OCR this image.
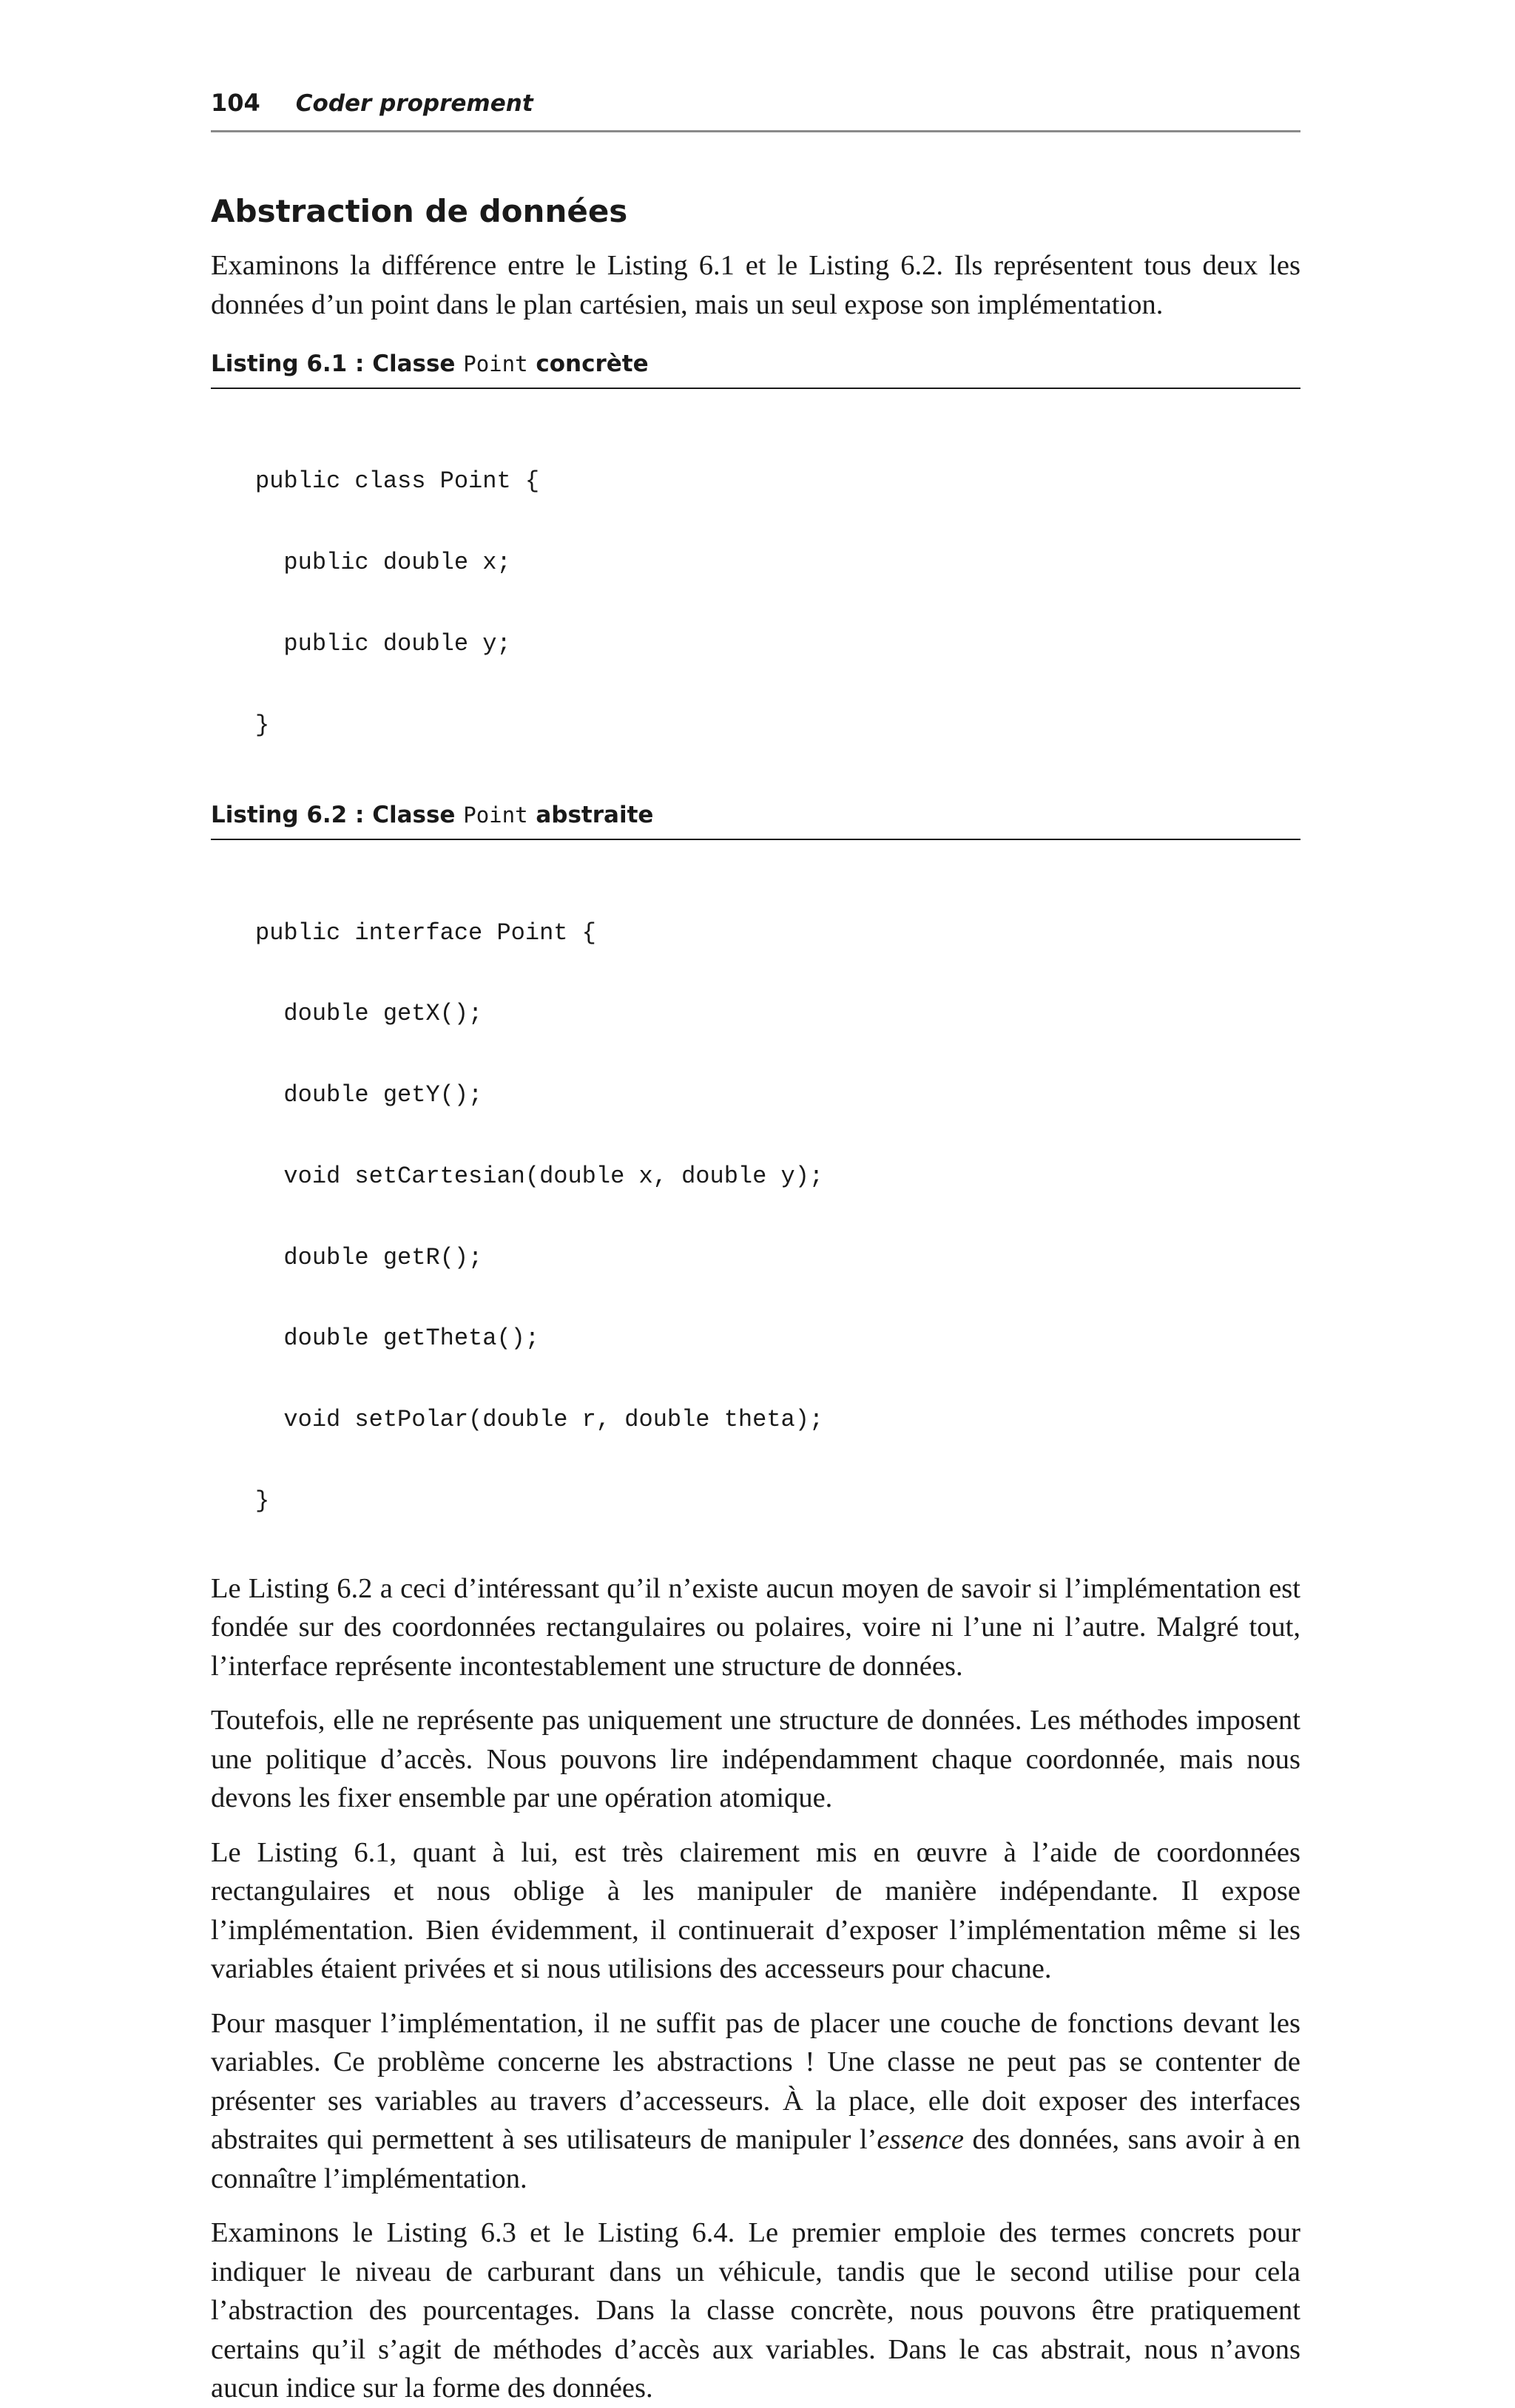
104 Coder proprement
Abstraction de données

Examinons la différence entre le Listing 6.1 et le Listing 6.2. Ils représentent tous deux les données d’un point dans le plan cartésien, mais un seul expose son implémentation.

Listing 6.1 : Classe Point concrète

public class Point {

public double x;

public double y;

}

Listing 6.2 : Classe Point abstraite

public interface Point {

double getX();

double getY();

void setCartesian(double x, double y);

double getR();

double getTheta();

void setPolar(double r, double theta);

}

Le Listing 6.2 a ceci d’intéressant qu’il n’existe aucun moyen de savoir si l’implémentation est fondée sur des coordonnées rectangulaires ou polaires, voire ni l’une ni l’autre. Malgré tout, l’interface représente incontestablement une structure de données.

Toutefois, elle ne représente pas uniquement une structure de données. Les méthodes imposent une politique d’accès. Nous pouvons lire indépendamment chaque coordonnée, mais nous devons les fixer ensemble par une opération atomique.

Le Listing 6.1, quant à lui, est très clairement mis en œuvre à l’aide de coordonnées rectangulaires et nous oblige à les manipuler de manière indépendante. Il expose l’implémentation. Bien évidemment, il continuerait d’exposer l’implémentation même si les variables étaient privées et si nous utilisions des accesseurs pour chacune.

Pour masquer l’implémentation, il ne suffit pas de placer une couche de fonctions devant les variables. Ce problème concerne les abstractions ! Une classe ne peut pas se contenter de présenter ses variables au travers d’accesseurs. À la place, elle doit exposer des interfaces abstraites qui permettent à ses utilisateurs de manipuler l’essence des données, sans avoir à en connaître l’implémentation.

Examinons le Listing 6.3 et le Listing 6.4. Le premier emploie des termes concrets pour indiquer le niveau de carburant dans un véhicule, tandis que le second utilise pour cela l’abstraction des pourcentages. Dans la classe concrète, nous pouvons être pratiquement certains qu’il s’agit de méthodes d’accès aux variables. Dans le cas abstrait, nous n’avons aucun indice sur la forme des données.
